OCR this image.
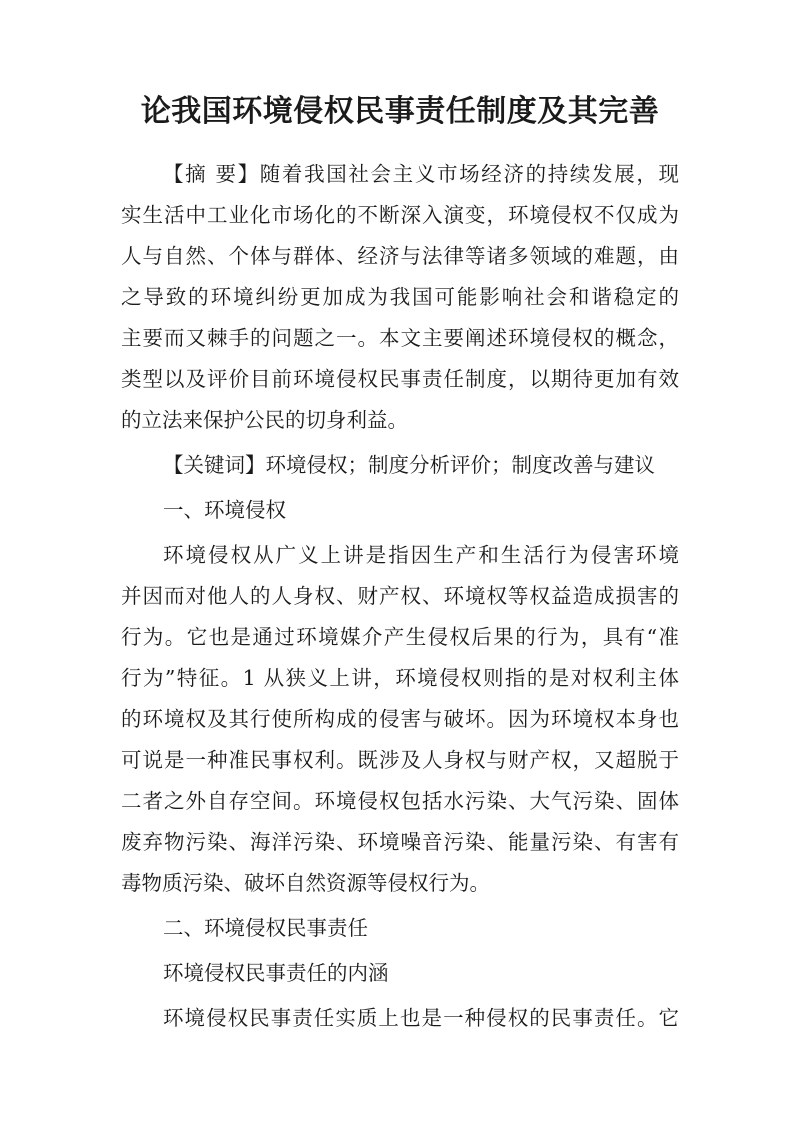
论我国环境侵权民事责任制度及其完善
【摘 要】随着我国社会主义市场经济的持续发展，现
实生活中工业化市场化的不断深入演变，环境侵权不仅成为
人与自然、个体与群体、经济与法律等诸多领域的难题，由
之导致的环境纠纷更加成为我国可能影响社会和谐稳定的
主要而又棘手的问题之一。本文主要阐述环境侵权的概念，
类型以及评价目前环境侵权民事责任制度，以期待更加有效
的立法来保护公民的切身利益。
【关键词】环境侵权；制度分析评价；制度改善与建议
一、环境侵权
环境侵权从广义上讲是指因生产和生活行为侵害环境
并因而对他人的人身权、财产权、环境权等权益造成损害的
行为。它也是通过环境媒介产生侵权后果的行为，具有“准
行为”特征。1 从狭义上讲，环境侵权则指的是对权利主体
的环境权及其行使所构成的侵害与破坏。因为环境权本身也
可说是一种准民事权利。既涉及人身权与财产权，又超脱于
二者之外自存空间。环境侵权包括水污染、大气污染、固体
废弃物污染、海洋污染、环境噪音污染、能量污染、有害有
毒物质污染、破坏自然资源等侵权行为。
二、环境侵权民事责任
环境侵权民事责任的内涵
环境侵权民事责任实质上也是一种侵权的民事责任。它
